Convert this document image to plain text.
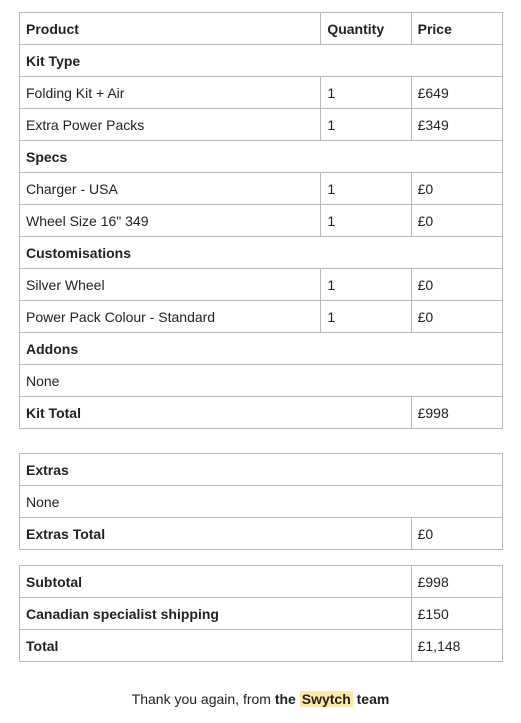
Product	Quantity	Price
Kit Type		
Folding Kit + Air	1	£649
Extra Power Packs	1	£349
Specs		
Charger - USA	1	£0
Wheel Size 16" 349	1	£0
Customisations		
Silver Wheel	1	£0
Power Pack Colour - Standard	1	£0
Addons		
None		
Kit Total		£998
Extras
None
Extras Total	£0
Subtotal	£998
Canadian specialist shipping	£150
Total	£1,148
Thank you again, from the Swytch team
